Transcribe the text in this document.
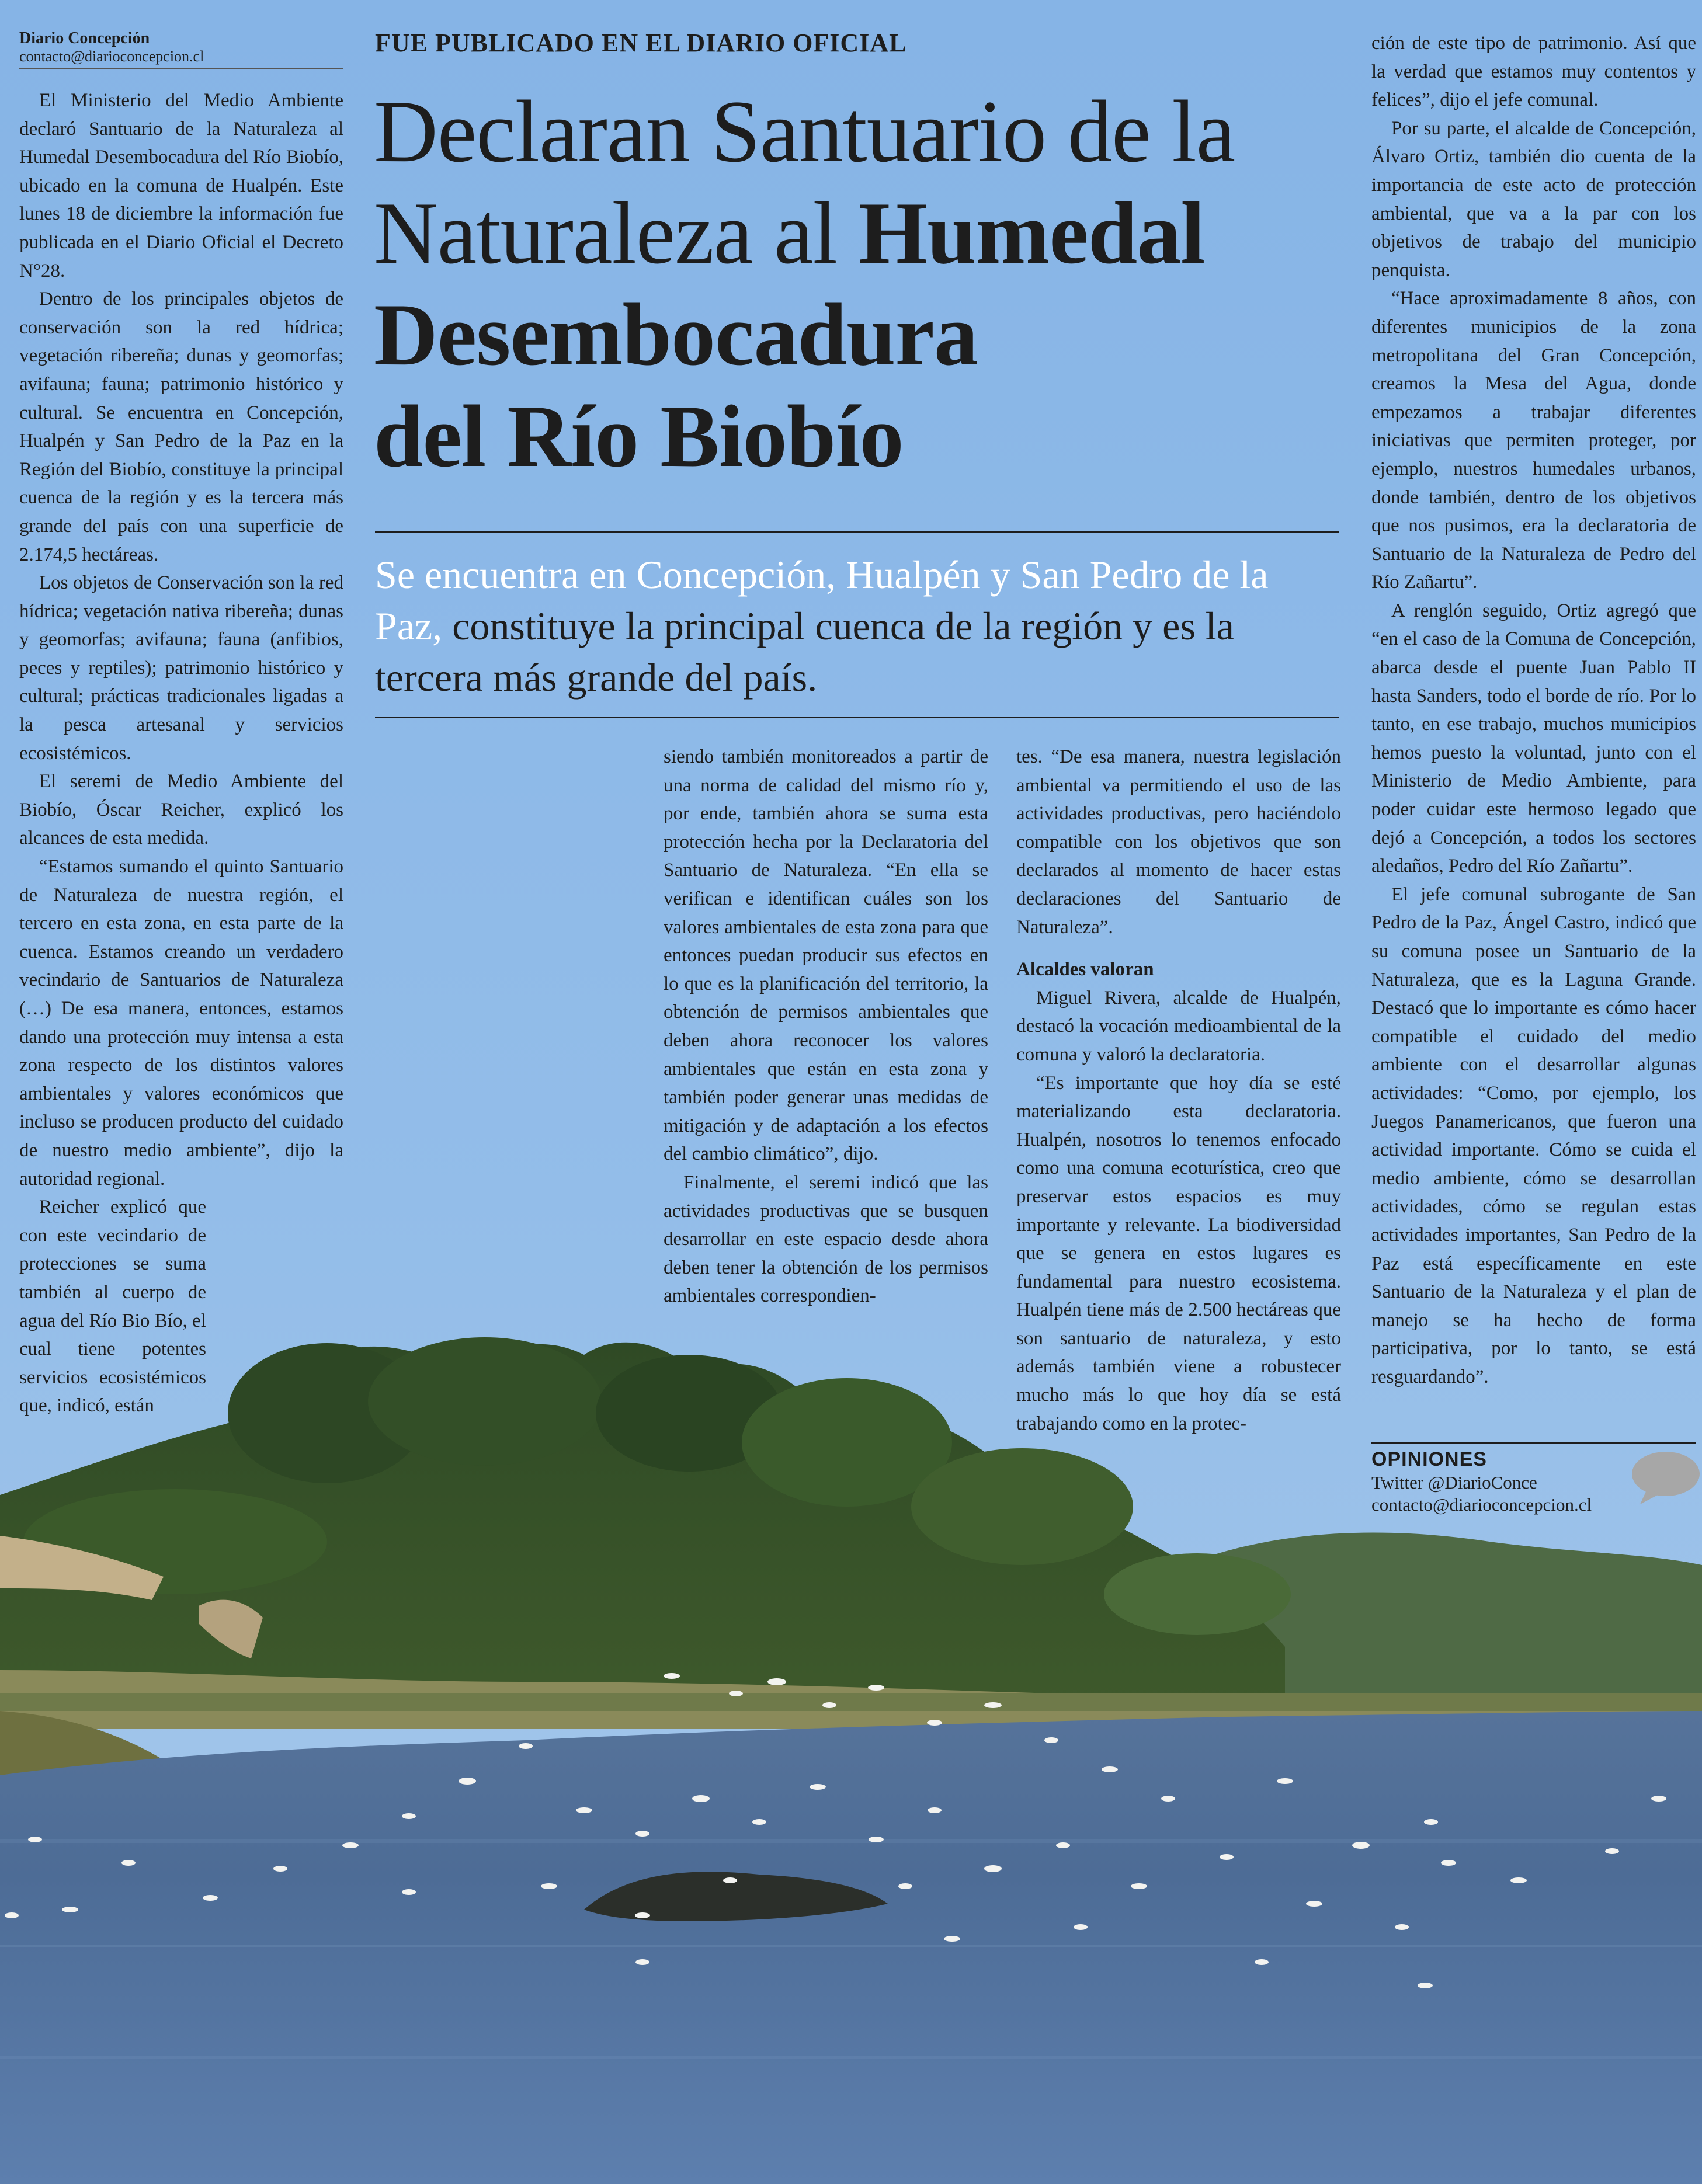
Diario Concepción
contacto@diarioconcepcion.cl	FUE PUBLICADO EN EL DIARIO OFICIAL
Declaran Santuario de la
Naturaleza al Humedal
Desembocadura
del Río Biobío
Se encuentra en Concepción, Hualpén y San Pedro de la Paz, constituye la principal cuenca de la región y es la tercera más grande del país.

El Ministerio del Medio Ambiente declaró Santuario de la Naturaleza al Humedal Desembocadura del Río Biobío, ubicado en la comuna de Hualpén. Este lunes 18 de diciembre la información fue publicada en el Diario Oficial el Decreto N°28.

Dentro de los principales objetos de conservación son la red hídrica; vegetación ribereña; dunas y geomorfas; avifauna; fauna; patrimonio histórico y cultural. Se encuentra en Concepción, Hualpén y San Pedro de la Paz en la Región del Biobío, constituye la principal cuenca de la región y es la tercera más grande del país con una superficie de 2.174,5 hectáreas.

Los objetos de Conservación son la red hídrica; vegetación nativa ribereña; dunas y geomorfas; avifauna; fauna (anfibios, peces y reptiles); patrimonio histórico y cultural; prácticas tradicionales ligadas a la pesca artesanal y servicios ecosistémicos.

El seremi de Medio Ambiente del Biobío, Óscar Reicher, explicó los alcances de esta medida.

“Estamos sumando el quinto Santuario de Naturaleza de nuestra región, el tercero en esta zona, en esta parte de la cuenca. Estamos creando un verdadero vecindario de Santuarios de Naturaleza (…) De esa manera, entonces, estamos dando una protección muy intensa a esta zona respecto de los distintos valores ambientales y valores económicos que incluso se producen producto del cuidado de nuestro medio ambiente”, dijo la autoridad regional.

Reicher explicó que con este vecindario de protecciones se suma también al cuerpo de agua del Río Bio Bío, el cual tiene potentes servicios ecosistémicos que, indicó, están

siendo también monitoreados a partir de una norma de calidad del mismo río y, por ende, también ahora se suma esta protección hecha por la Declaratoria del Santuario de Naturaleza. “En ella se verifican e identifican cuáles son los valores ambientales de esta zona para que entonces puedan producir sus efectos en lo que es la planificación del territorio, la obtención de permisos ambientales que deben ahora reconocer los valores ambientales que están en esta zona y también poder generar unas medidas de mitigación y de adaptación a los efectos del cambio climático”, dijo.

Finalmente, el seremi indicó que las actividades productivas que se busquen desarrollar en este espacio desde ahora deben tener la obtención de los permisos ambientales correspondien-

tes. “De esa manera, nuestra legislación ambiental va permitiendo el uso de las actividades productivas, pero haciéndolo compatible con los objetivos que son declarados al momento de hacer estas declaraciones del Santuario de Naturaleza”.

Alcaldes valoran

Miguel Rivera, alcalde de Hualpén, destacó la vocación medioambiental de la comuna y valoró la declaratoria.

“Es importante que hoy día se esté materializando esta declaratoria. Hualpén, nosotros lo tenemos enfocado como una comuna ecoturística, creo que preservar estos espacios es muy importante y relevante. La biodiversidad que se genera en estos lugares es fundamental para nuestro ecosistema. Hualpén tiene más de 2.500 hectáreas que son santuario de naturaleza, y esto además también viene a robustecer mucho más lo que hoy día se está trabajando como en la protec-

ción de este tipo de patrimonio. Así que la verdad que estamos muy contentos y felices”, dijo el jefe comunal.

Por su parte, el alcalde de Concepción, Álvaro Ortiz, también dio cuenta de la importancia de este acto de protección ambiental, que va a la par con los objetivos de trabajo del municipio penquista.

“Hace aproximadamente 8 años, con diferentes municipios de la zona metropolitana del Gran Concepción, creamos la Mesa del Agua, donde empezamos a trabajar diferentes iniciativas que permiten proteger, por ejemplo, nuestros humedales urbanos, donde también, dentro de los objetivos que nos pusimos, era la declaratoria de Santuario de la Naturaleza de Pedro del Río Zañartu”.

A renglón seguido, Ortiz agregó que “en el caso de la Comuna de Concepción, abarca desde el puente Juan Pablo II hasta Sanders, todo el borde de río. Por lo tanto, en ese trabajo, muchos municipios hemos puesto la voluntad, junto con el Ministerio de Medio Ambiente, para poder cuidar este hermoso legado que dejó a Concepción, a todos los sectores aledaños, Pedro del Río Zañartu”.

El jefe comunal subrogante de San Pedro de la Paz, Ángel Castro, indicó que su comuna posee un Santuario de la Naturaleza, que es la Laguna Grande. Destacó que lo importante es cómo hacer compatible el cuidado del medio ambiente con el desarrollar algunas actividades: “Como, por ejemplo, los Juegos Panamericanos, que fueron una actividad importante. Cómo se cuida el medio ambiente, cómo se desarrollan actividades, cómo se regulan estas actividades importantes, San Pedro de la Paz está específicamente en este Santuario de la Naturaleza y el plan de manejo se ha hecho de forma participativa, por lo tanto, se está resguardando”.

OPINIONES
Twitter @DiarioConce
contacto@diarioconcepcion.cl
